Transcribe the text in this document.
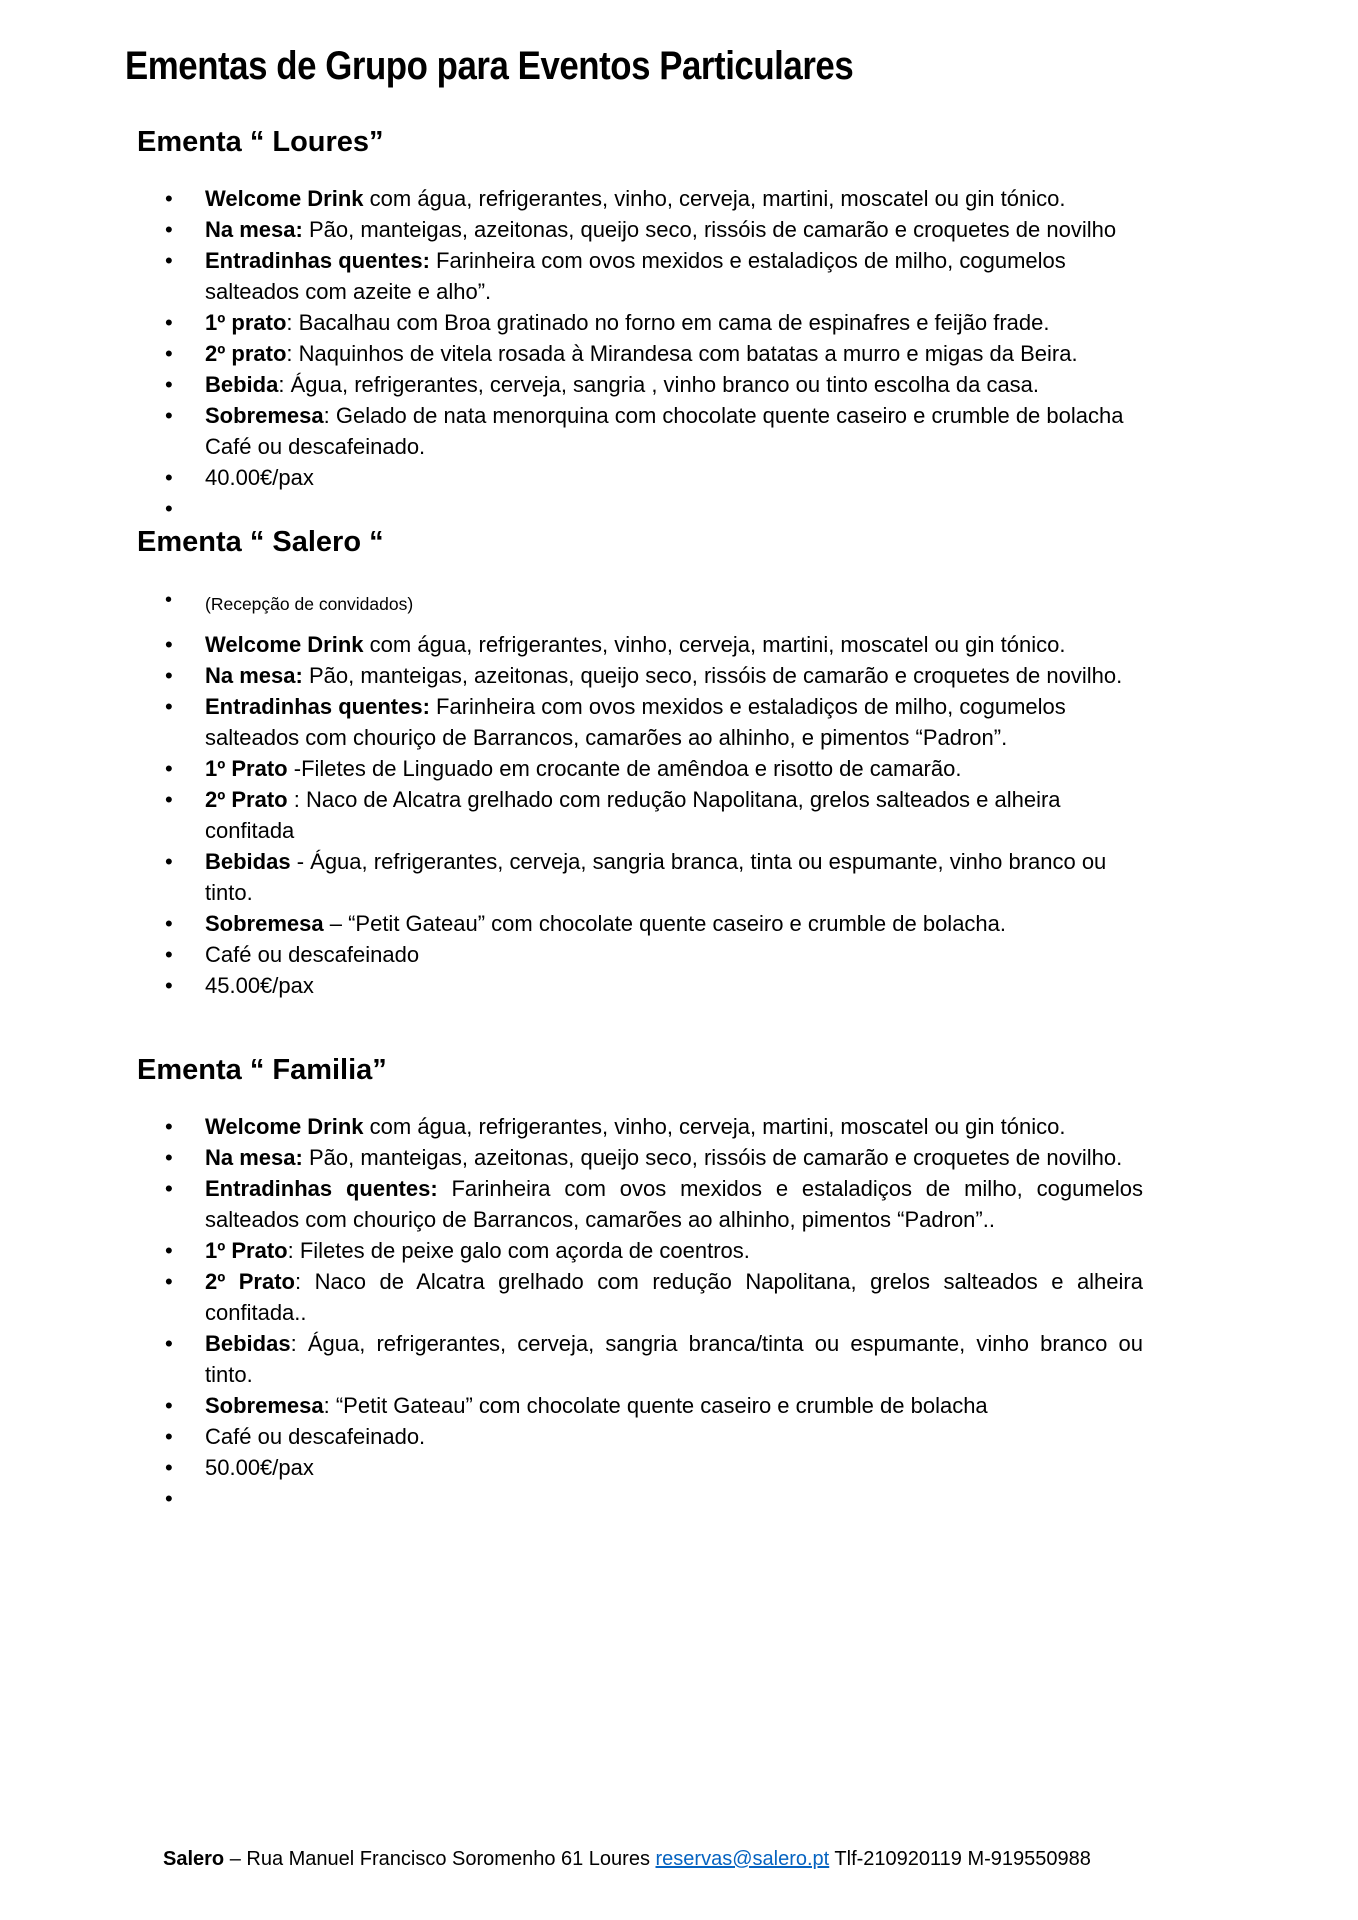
Ementas de Grupo para Eventos Particulares
Ementa “ Loures”
• Welcome Drink com água, refrigerantes, vinho, cerveja, martini, moscatel ou gin tónico.
• Na mesa: Pão, manteigas, azeitonas, queijo seco, rissóis de camarão e croquetes de novilho
• Entradinhas quentes: Farinheira com ovos mexidos e estaladiços de milho, cogumelos salteados com azeite e alho”.
• 1º prato: Bacalhau com Broa gratinado no forno em cama de espinafres e feijão frade.
• 2º prato: Naquinhos de vitela rosada à Mirandesa com batatas a murro e migas da Beira.
• Bebida: Água, refrigerantes, cerveja, sangria , vinho branco ou tinto escolha da casa.
• Sobremesa: Gelado de nata menorquina com chocolate quente caseiro e crumble de bolacha Café ou descafeinado.
• 40.00€/pax
Ementa “ Salero “
• (Recepção de convidados)
• Welcome Drink com água, refrigerantes, vinho, cerveja, martini, moscatel ou gin tónico.
• Na mesa: Pão, manteigas, azeitonas, queijo seco, rissóis de camarão e croquetes de novilho.
• Entradinhas quentes: Farinheira com ovos mexidos e estaladiços de milho, cogumelos salteados com chouriço de Barrancos, camarões ao alhinho, e pimentos “Padron”.
• 1º Prato -Filetes de Linguado em crocante de amêndoa e risotto de camarão.
• 2º Prato : Naco de Alcatra grelhado com redução Napolitana, grelos salteados e alheira confitada
• Bebidas - Água, refrigerantes, cerveja, sangria branca, tinta ou espumante, vinho branco ou tinto.
• Sobremesa – “Petit Gateau” com chocolate quente caseiro e crumble de bolacha.
• Café ou descafeinado
• 45.00€/pax
Ementa “ Familia”
• Welcome Drink com água, refrigerantes, vinho, cerveja, martini, moscatel ou gin tónico.
• Na mesa: Pão, manteigas, azeitonas, queijo seco, rissóis de camarão e croquetes de novilho.
• Entradinhas quentes: Farinheira com ovos mexidos e estaladiços de milho, cogumelos salteados com chouriço de Barrancos, camarões ao alhinho, pimentos “Padron”..
• 1º Prato: Filetes de peixe galo com açorda de coentros.
• 2º Prato: Naco de Alcatra grelhado com redução Napolitana, grelos salteados e alheira confitada..
• Bebidas: Água, refrigerantes, cerveja, sangria branca/tinta ou espumante, vinho branco ou tinto.
• Sobremesa: “Petit Gateau” com chocolate quente caseiro e crumble de bolacha
• Café ou descafeinado.
• 50.00€/pax
Salero – Rua Manuel Francisco Soromenho 61 Loures reservas@salero.pt Tlf-210920119 M-919550988
